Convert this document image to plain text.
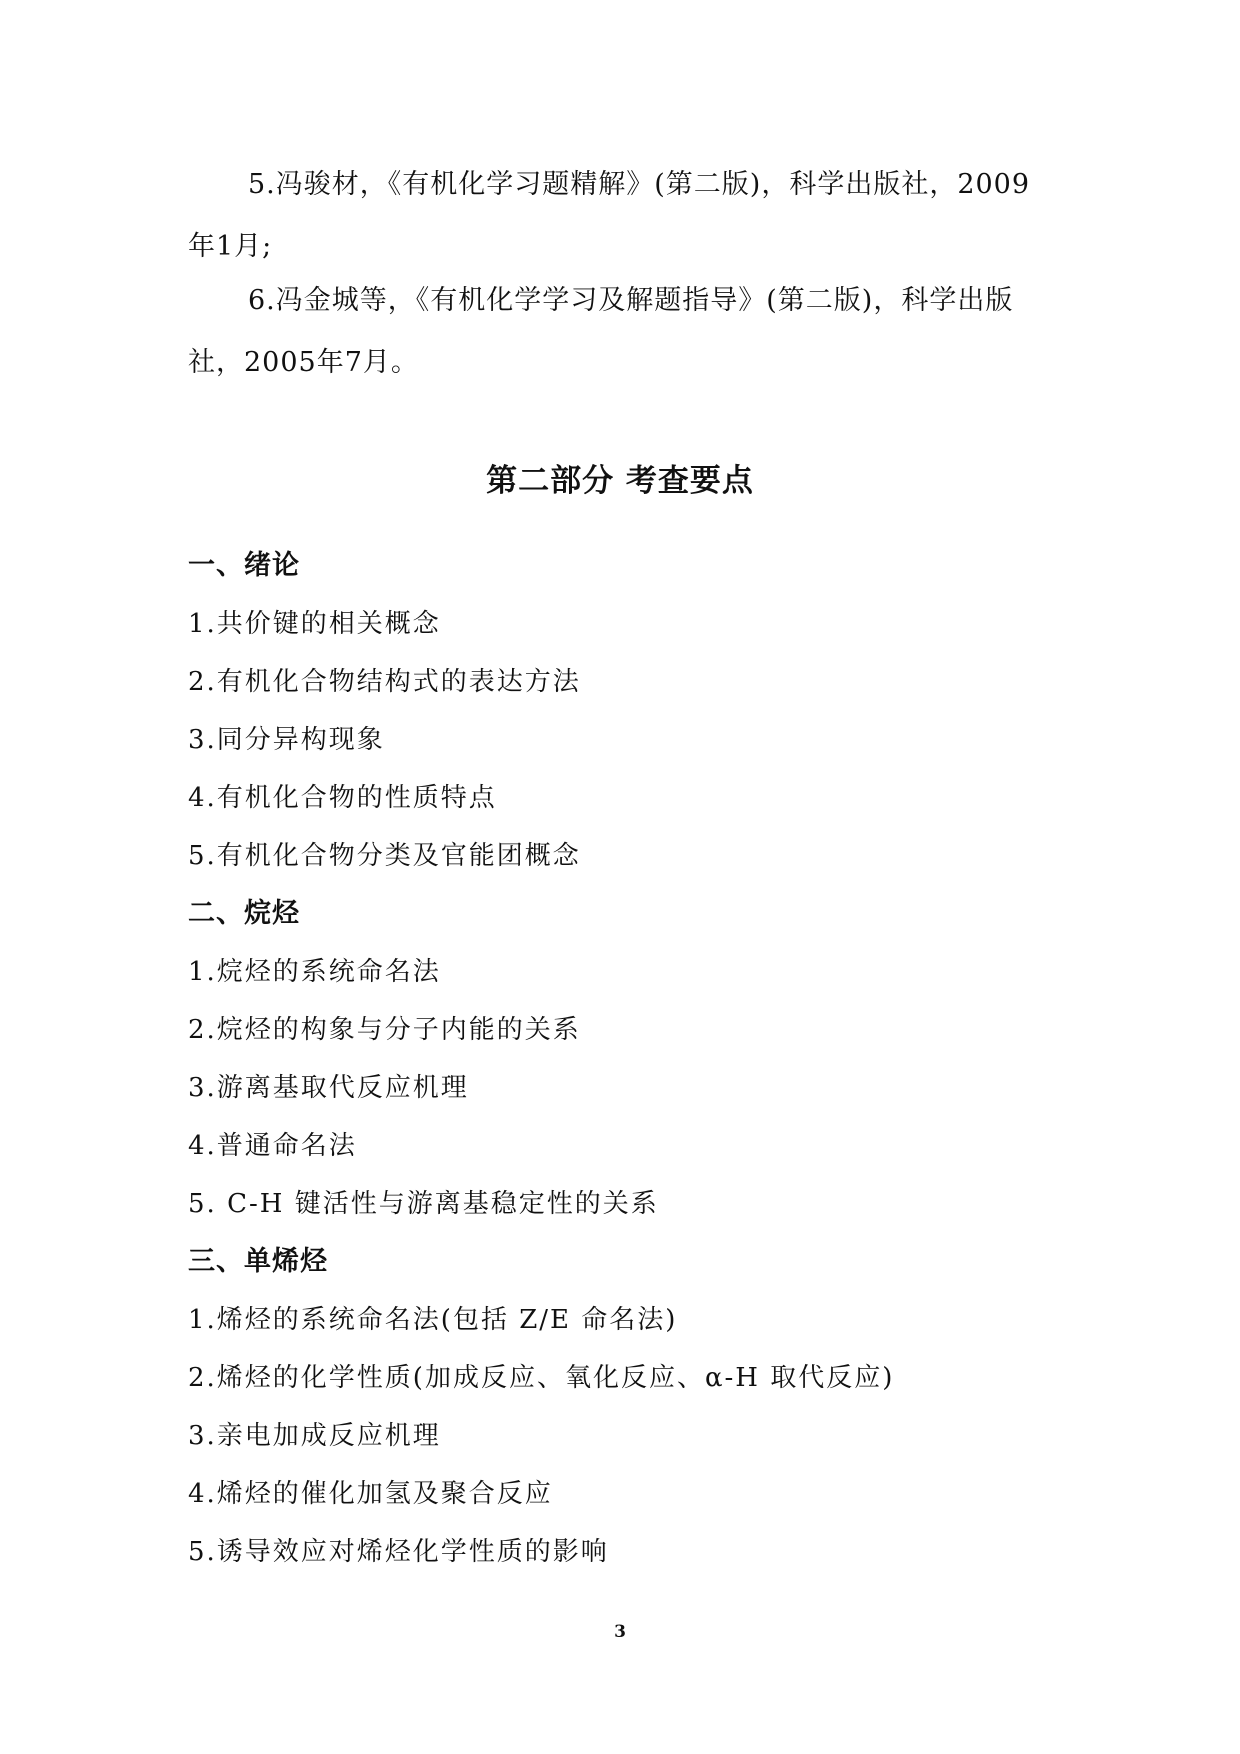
5.冯骏材，《有机化学习题精解》(第二版)，科学出版社，2009年1月;

6.冯金城等，《有机化学学习及解题指导》(第二版)，科学出版社，2005年7月。

第二部分 考查要点

一、绪论

1.共价键的相关概念

2.有机化合物结构式的表达方法

3.同分异构现象

4.有机化合物的性质特点

5.有机化合物分类及官能团概念

二、烷烃

1.烷烃的系统命名法

2.烷烃的构象与分子内能的关系

3.游离基取代反应机理

4.普通命名法

5. C-H 键活性与游离基稳定性的关系

三、单烯烃

1.烯烃的系统命名法(包括 Z/E 命名法)

2.烯烃的化学性质(加成反应、氧化反应、α-H 取代反应)

3.亲电加成反应机理

4.烯烃的催化加氢及聚合反应

5.诱导效应对烯烃化学性质的影响

3
